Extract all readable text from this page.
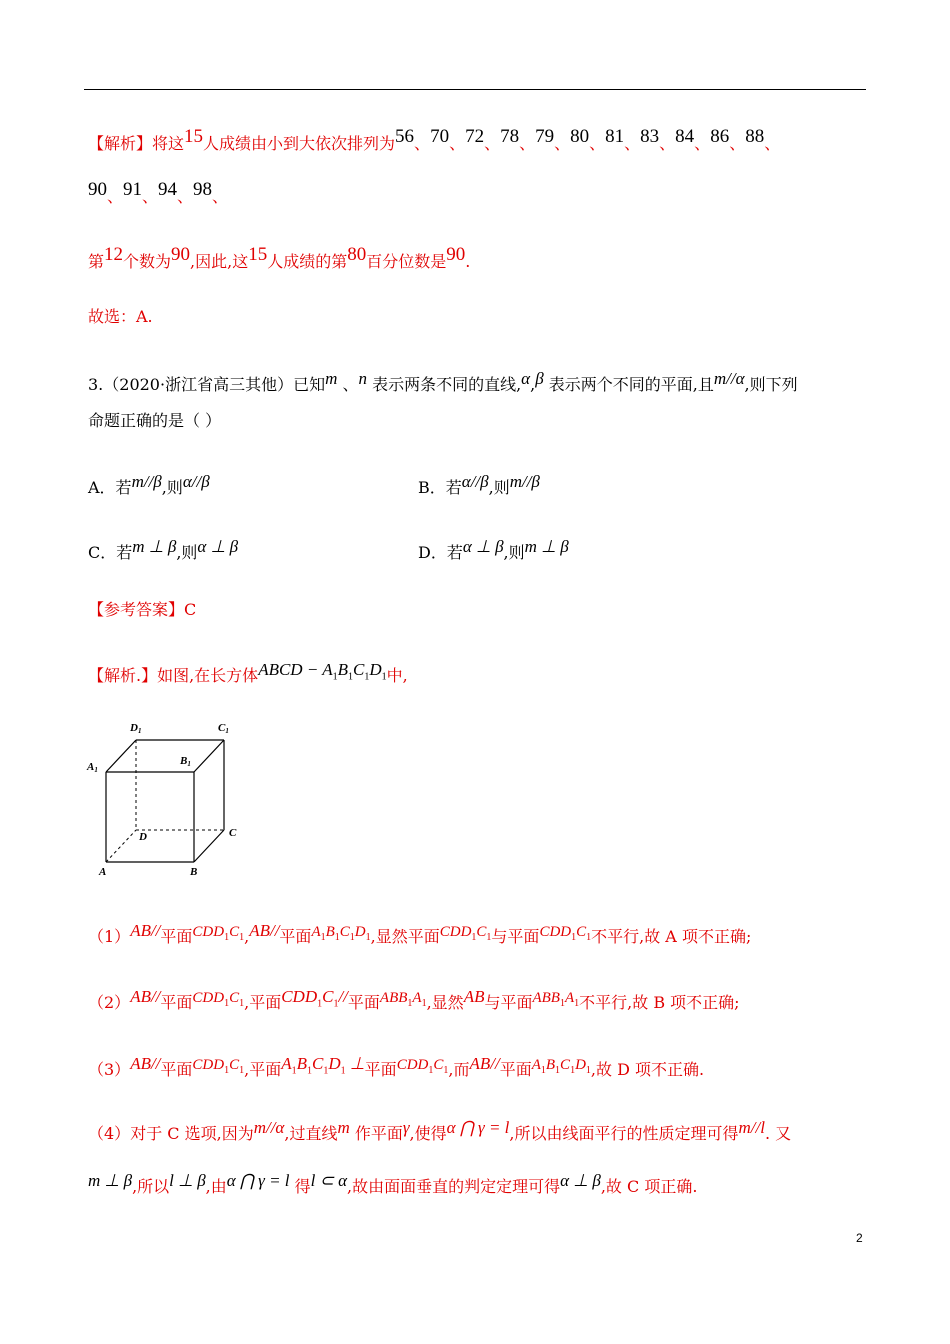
【解析】将这15人成绩由小到大依次排列为56、70、72、78、79、80、81、83、84、86、88、
90、91、94、98、
第12个数为90,因此,这15人成绩的第80百分位数是90.
故选：A.
3.（2020·浙江省高三其他）已知m 、n 表示两条不同的直线,α,β 表示两个不同的平面,且m//α,则下列
命题正确的是（ ）
A．若m//β,则α//β	B．若α//β,则m//β
C．若m ⊥ β,则α ⊥ β	D．若α ⊥ β,则m ⊥ β
【参考答案】C
【解析.】如图,在长方体ABCD − $A_1B_1C_1D_1$中,
A1
B1
D1	C1
D	C
A	B
（1）AB//平面$CDD_1C_1,AB//$平面$A_1B_1C_1D_1$,显然平面$CDD_1C_1$与平面$CDD_1C_1$不平行,故 A 项不正确;
（2）AB//平面$CDD_1C_1$,平面$CDD_1C_1//$平面$ABB_1A_1$,显然AB与平面$ABB_1A_1$不平行,故 B 项不正确;
（3）AB//平面$CDD_1C_1$,平面$A_1B_1C_1D_1$ ⊥平面$CDD_1C_1$,而AB//平面$A_1B_1C_1D_1$,故 D 项不正确.
（4）对于 C 选项,因为m//α,过直线m 作平面γ,使得α ⋂ γ = l,所以由线面平行的性质定理可得m//l. 又
m ⊥ β,所以l ⊥ β,由α ⋂ γ = l 得l ⊂ α,故由面面垂直的判定定理可得α ⊥ β,故 C 项正确.
2
